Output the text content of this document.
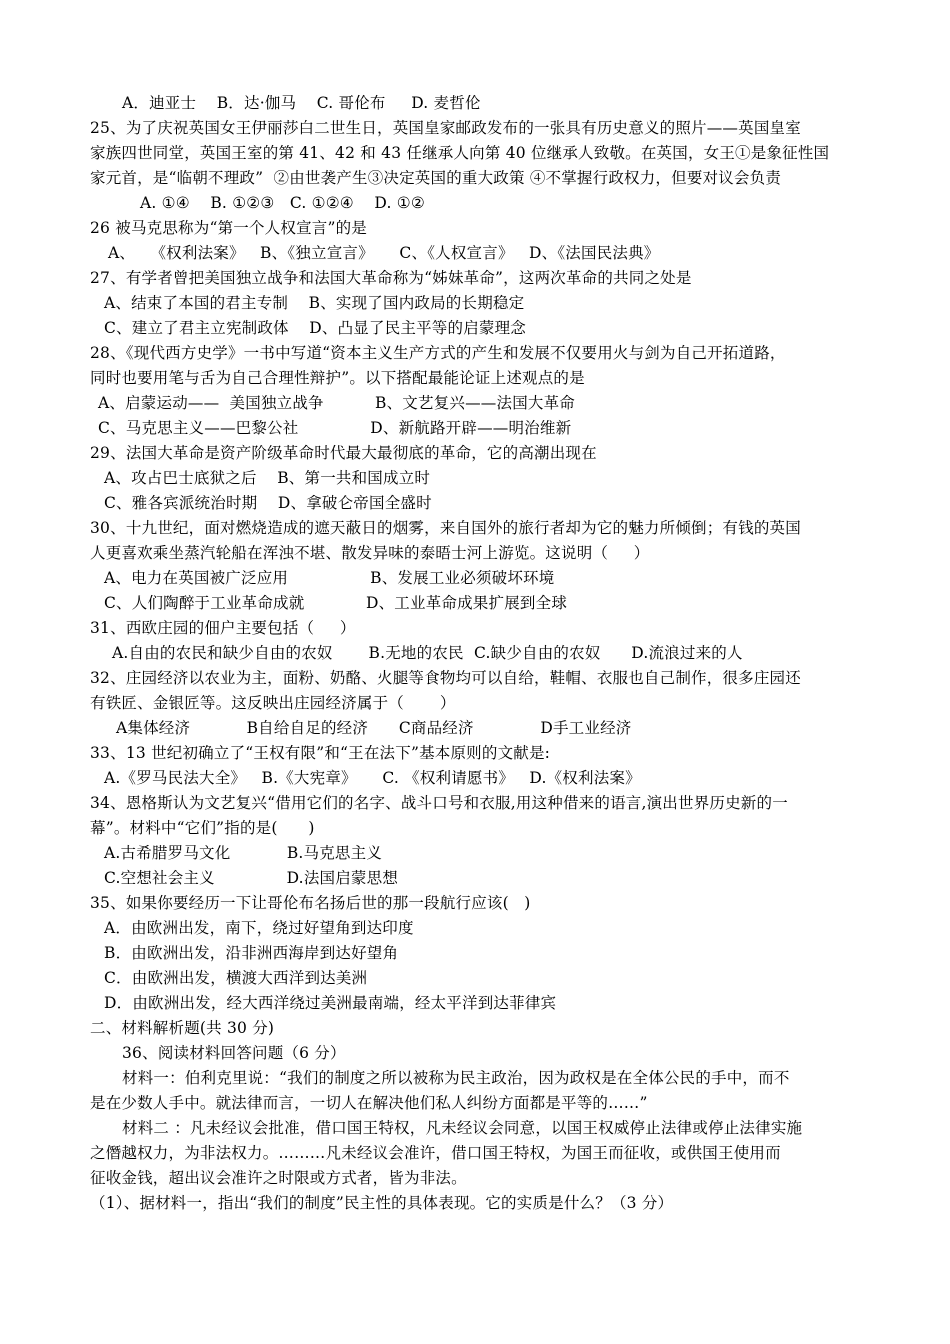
A．迪亚士    B．达·伽马    C. 哥伦布     D. 麦哲伦
25、为了庆祝英国女王伊丽莎白二世生日，英国皇家邮政发布的一张具有历史意义的照片——英国皇室
家族四世同堂，英国王室的第 41、42 和 43 任继承人向第 40 位继承人致敬。在英国，女王①是象征性国
家元首，是“临朝不理政”  ②由世袭产生③决定英国的重大政策 ④不掌握行政权力，但要对议会负责
A. ①④    B. ①②③   C. ①②④    D. ①②
26 被马克思称为“第一个人权宣言”的是
A、   《权利法案》   B、《独立宣言》     C、《人权宣言》   D、《法国民法典》
27、有学者曾把美国独立战争和法国大革命称为“姊妹革命”，这两次革命的共同之处是
A、结束了本国的君主专制    B、实现了国内政局的长期稳定
C、建立了君主立宪制政体    D、凸显了民主平等的启蒙理念
28、《现代西方史学》一书中写道“资本主义生产方式的产生和发展不仅要用火与剑为自己开拓道路，
同时也要用笔与舌为自己合理性辩护”。以下搭配最能论证上述观点的是
A、启蒙运动——  美国独立战争          B、文艺复兴——法国大革命
C、马克思主义——巴黎公社              D、新航路开辟——明治维新
29、法国大革命是资产阶级革命时代最大最彻底的革命，它的高潮出现在
A、攻占巴士底狱之后    B、第一共和国成立时
C、雅各宾派统治时期    D、拿破仑帝国全盛时
30、十九世纪，面对燃烧造成的遮天蔽日的烟雾，来自国外的旅行者却为它的魅力所倾倒；有钱的英国
人更喜欢乘坐蒸汽轮船在浑浊不堪、散发异味的泰晤士河上游览。这说明（     ）
A、电力在英国被广泛应用                B、发展工业必须破坏环境
C、人们陶醉于工业革命成就            D、工业革命成果扩展到全球
31、西欧庄园的佃户主要包括（     ）
A.自由的农民和缺少自由的农奴       B.无地的农民  C.缺少自由的农奴      D.流浪过来的人
32、庄园经济以农业为主，面粉、奶酪、火腿等食物均可以自给，鞋帽、衣服也自己制作，很多庄园还
有铁匠、金银匠等。这反映出庄园经济属于（       ）
A集体经济           B自给自足的经济      C商品经济             D手工业经济
33、13 世纪初确立了“王权有限”和“王在法下”基本原则的文献是:
A.《罗马民法大全》   B.《大宪章》     C. 《权利请愿书》   D.《权利法案》
34、恩格斯认为文艺复兴“借用它们的名字、战斗口号和衣服,用这种借来的语言,演出世界历史新的一
幕”。材料中“它们”指的是(      )
A.古希腊罗马文化           B.马克思主义
C.空想社会主义              D.法国启蒙思想
35、如果你要经历一下让哥伦布名扬后世的那一段航行应该(   )
A．由欧洲出发，南下，绕过好望角到达印度
B．由欧洲出发，沿非洲西海岸到达好望角
C．由欧洲出发，横渡大西洋到达美洲
D．由欧洲出发，经大西洋绕过美洲最南端，经太平洋到达菲律宾
二、材料解析题(共 30 分)
36、阅读材料回答问题（6 分）
材料一：伯利克里说：“我们的制度之所以被称为民主政治，因为政权是在全体公民的手中，而不
是在少数人手中。就法律而言，一切人在解决他们私人纠纷方面都是平等的……”
材料二 ：凡未经议会批准，借口国王特权，凡未经议会同意，以国王权威停止法律或停止法律实施
之僭越权力，为非法权力。………凡未经议会准许，借口国王特权，为国王而征收，或供国王使用而
征收金钱，超出议会准许之时限或方式者，皆为非法。
（1）、据材料一，指出“我们的制度”民主性的具体表现。它的实质是什么？（3 分）
